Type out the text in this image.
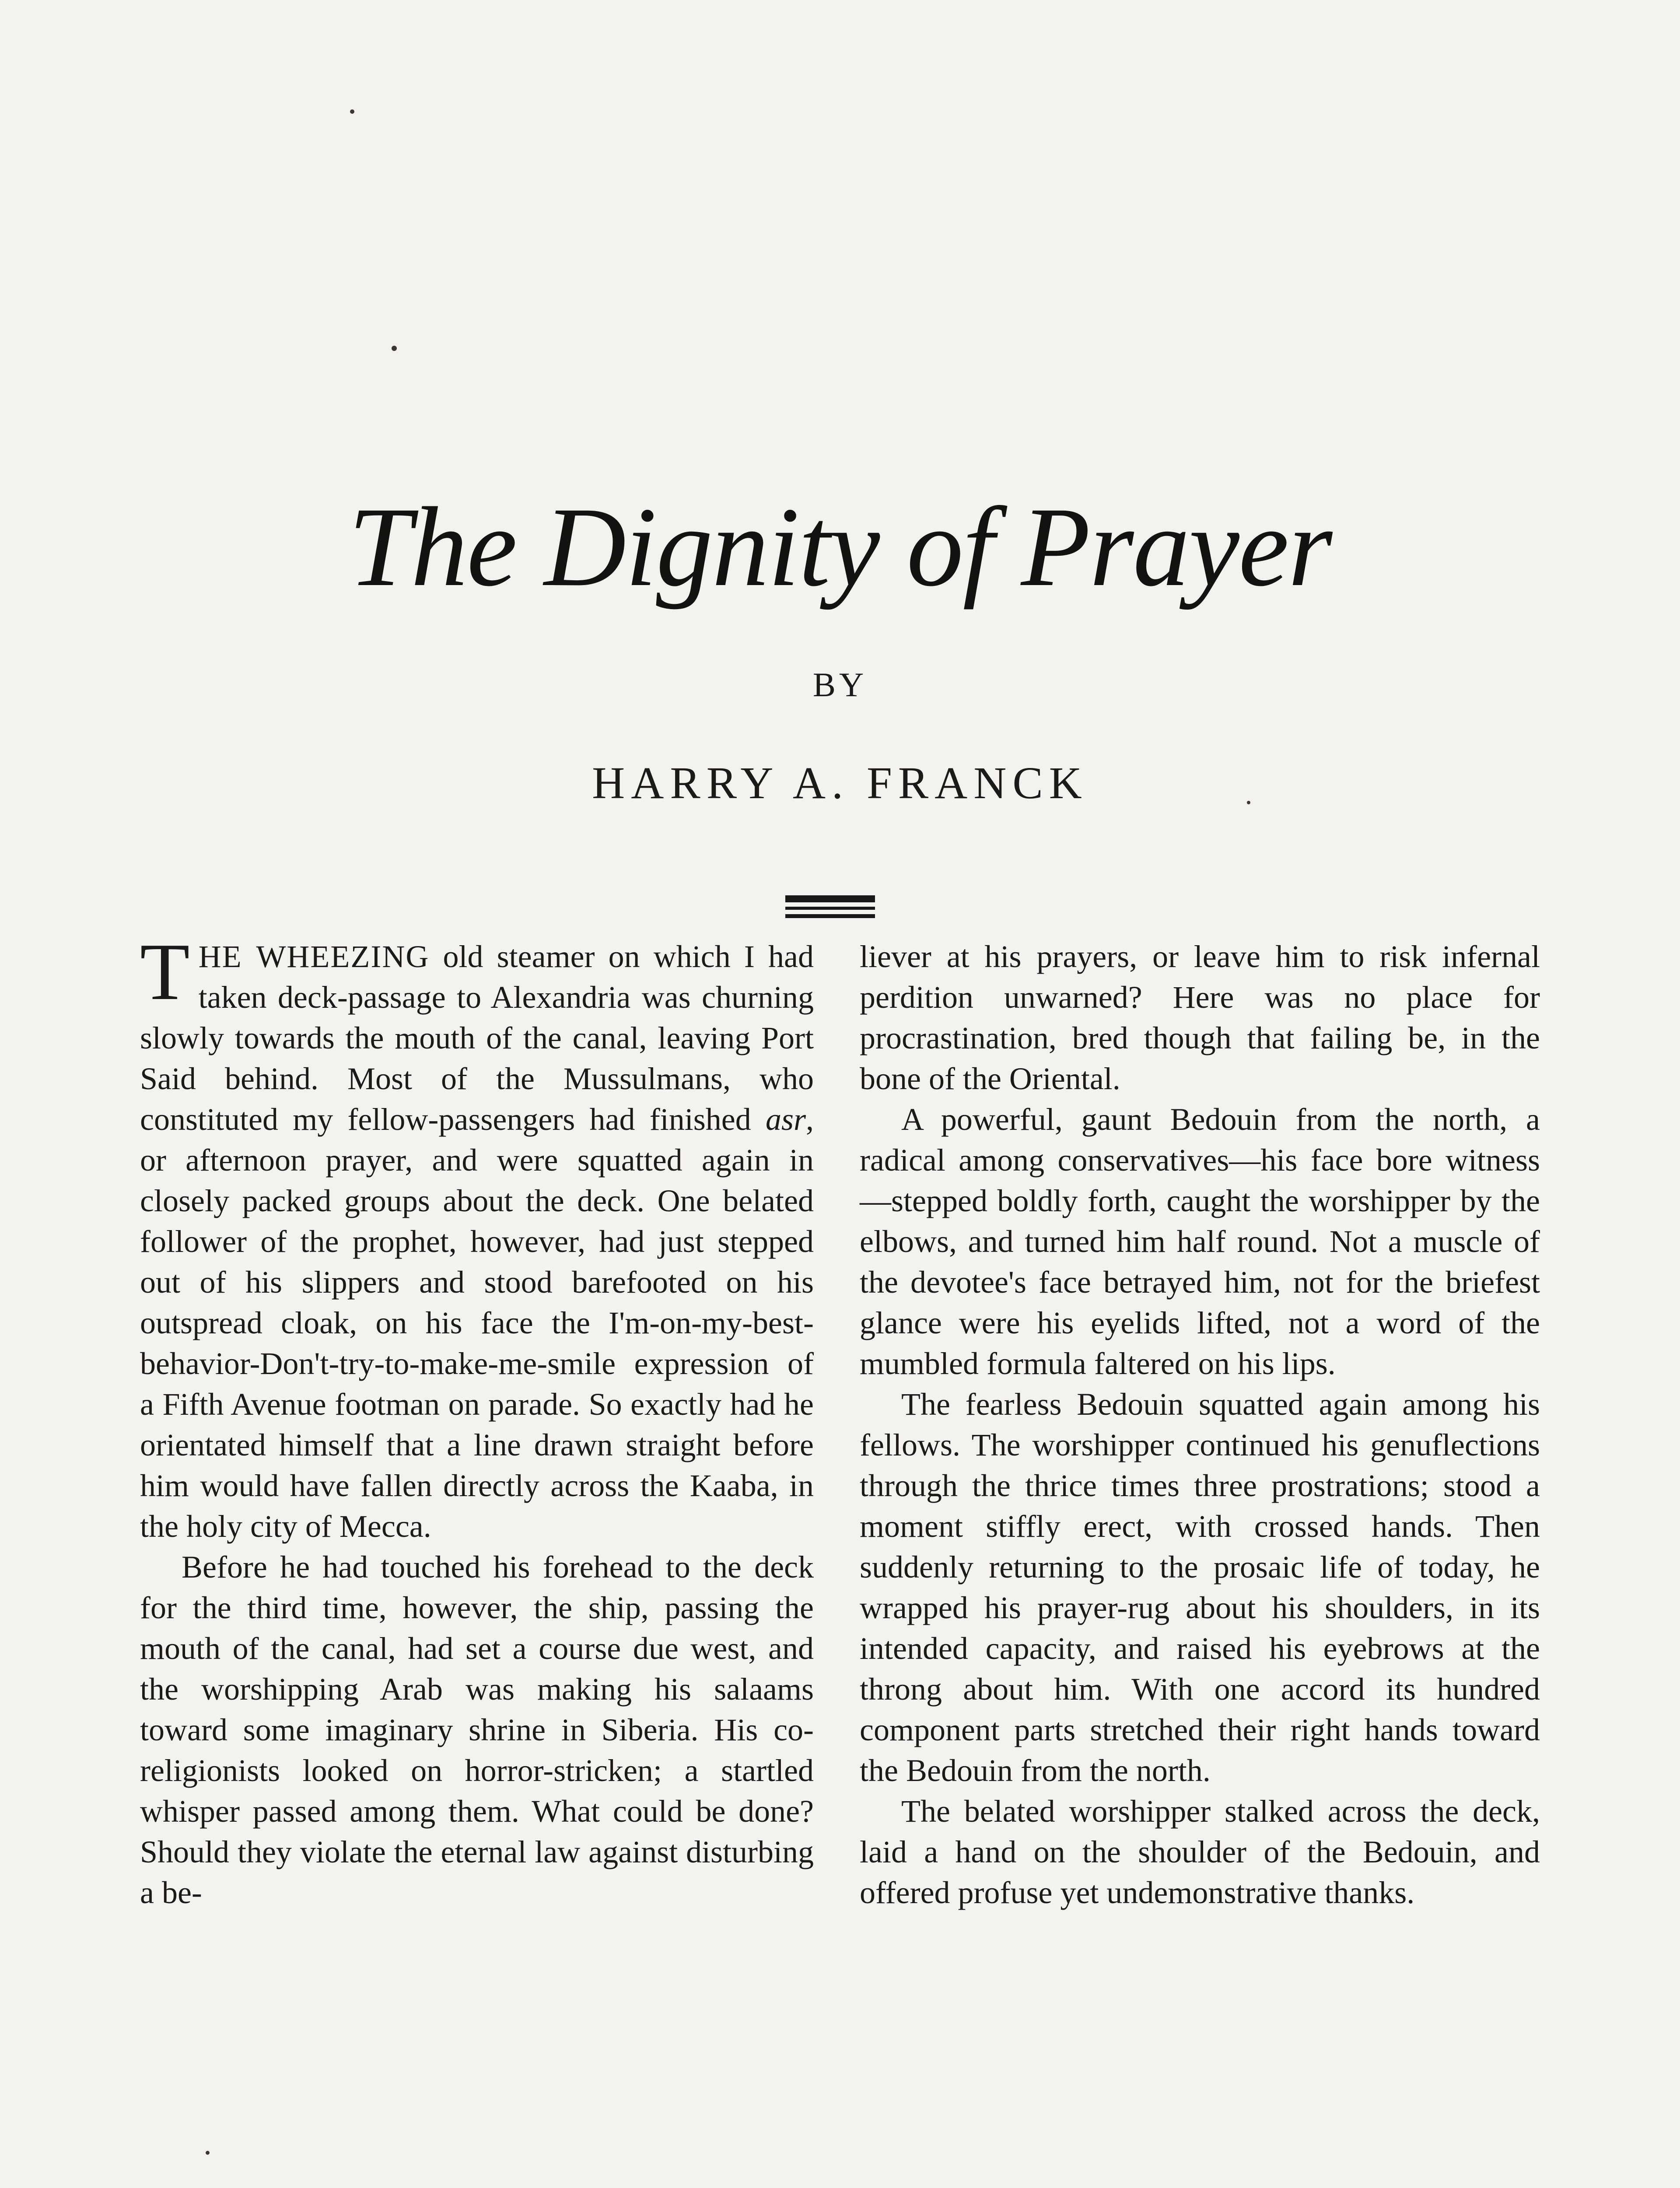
The Dignity of Prayer
BY
HARRY A. FRANCK

THE WHEEZING old steamer on which I had taken deck-passage to Alexandria was churning slowly towards the mouth of the canal, leaving Port Said behind. Most of the Mussulmans, who constituted my fellow-passengers had finished asr, or afternoon prayer, and were squatted again in closely packed groups about the deck. One belated follower of the prophet, however, had just stepped out of his slippers and stood barefooted on his outspread cloak, on his face the I'm-on-my-best-behavior-Don't-try-to-make-me-smile expression of a Fifth Avenue footman on parade. So exactly had he orientated himself that a line drawn straight before him would have fallen directly across the Kaaba, in the holy city of Mecca.

Before he had touched his forehead to the deck for the third time, however, the ship, passing the mouth of the canal, had set a course due west, and the worshipping Arab was making his salaams toward some imaginary shrine in Siberia. His co-religionists looked on horror-stricken; a startled whisper passed among them. What could be done? Should they violate the eternal law against disturbing a be-

liever at his prayers, or leave him to risk infernal perdition unwarned? Here was no place for procrastination, bred though that failing be, in the bone of the Oriental.

A powerful, gaunt Bedouin from the north, a radical among conservatives—his face bore witness—stepped boldly forth, caught the worshipper by the elbows, and turned him half round. Not a muscle of the devotee's face betrayed him, not for the briefest glance were his eyelids lifted, not a word of the mumbled formula faltered on his lips.

The fearless Bedouin squatted again among his fellows. The worshipper continued his genuflections through the thrice times three prostrations; stood a moment stiffly erect, with crossed hands. Then suddenly returning to the prosaic life of today, he wrapped his prayer-rug about his shoulders, in its intended capacity, and raised his eyebrows at the throng about him. With one accord its hundred component parts stretched their right hands toward the Bedouin from the north.

The belated worshipper stalked across the deck, laid a hand on the shoulder of the Bedouin, and offered profuse yet undemonstrative thanks.
